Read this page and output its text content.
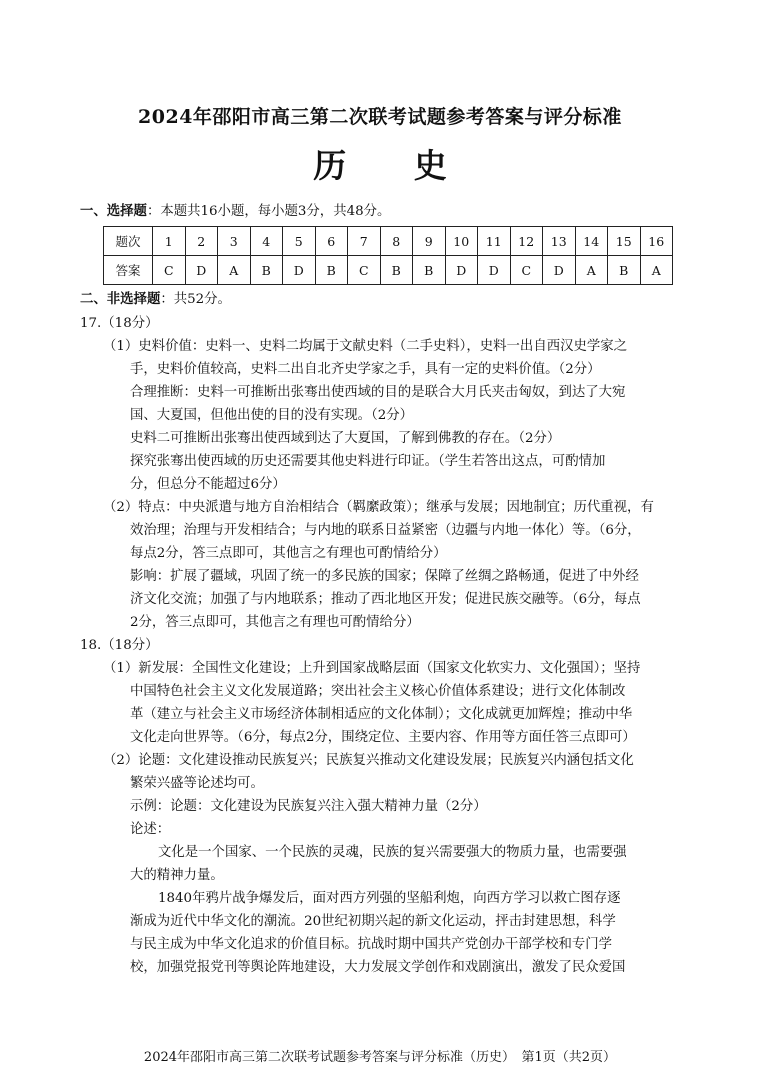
2024年邵阳市高三第二次联考试题参考答案与评分标准
历 史
一、选择题：本题共16小题，每小题3分，共48分。
题次	1	2	3	4	5	6	7	8	9	10	11	12	13	14	15	16
答案	C	D	A	B	D	B	C	B	B	D	D	C	D	A	B	A
二、非选择题：共52分。
17.（18分）
（1）史料价值：史料一、史料二均属于文献史料（二手史料），史料一出自西汉史学家之
手，史料价值较高，史料二出自北齐史学家之手，具有一定的史料价值。（2分）
合理推断：史料一可推断出张骞出使西域的目的是联合大月氏夹击匈奴，到达了大宛
国、大夏国，但他出使的目的没有实现。（2分）
史料二可推断出张骞出使西域到达了大夏国，了解到佛教的存在。（2分）
探究张骞出使西域的历史还需要其他史料进行印证。（学生若答出这点，可酌情加
分，但总分不能超过6分）
（2）特点：中央派遣与地方自治相结合（羁縻政策）；继承与发展；因地制宜；历代重视，有
效治理；治理与开发相结合；与内地的联系日益紧密（边疆与内地一体化）等。（6分，
每点2分，答三点即可，其他言之有理也可酌情给分）
影响：扩展了疆域，巩固了统一的多民族的国家；保障了丝绸之路畅通，促进了中外经
济文化交流；加强了与内地联系；推动了西北地区开发；促进民族交融等。（6分，每点
2分，答三点即可，其他言之有理也可酌情给分）
18.（18分）
（1）新发展：全国性文化建设；上升到国家战略层面（国家文化软实力、文化强国）；坚持
中国特色社会主义文化发展道路；突出社会主义核心价值体系建设；进行文化体制改
革（建立与社会主义市场经济体制相适应的文化体制）；文化成就更加辉煌；推动中华
文化走向世界等。（6分，每点2分，围绕定位、主要内容、作用等方面任答三点即可）
（2）论题：文化建设推动民族复兴；民族复兴推动文化建设发展；民族复兴内涵包括文化
繁荣兴盛等论述均可。
示例：论题：文化建设为民族复兴注入强大精神力量（2分）
论述：
文化是一个国家、一个民族的灵魂，民族的复兴需要强大的物质力量，也需要强
大的精神力量。
1840年鸦片战争爆发后，面对西方列强的坚船利炮，向西方学习以救亡图存逐
渐成为近代中华文化的潮流。20世纪初期兴起的新文化运动，抨击封建思想，科学
与民主成为中华文化追求的价值目标。抗战时期中国共产党创办干部学校和专门学
校，加强党报党刊等舆论阵地建设，大力发展文学创作和戏剧演出，激发了民众爱国
2024年邵阳市高三第二次联考试题参考答案与评分标准（历史）　第1页（共2页）
